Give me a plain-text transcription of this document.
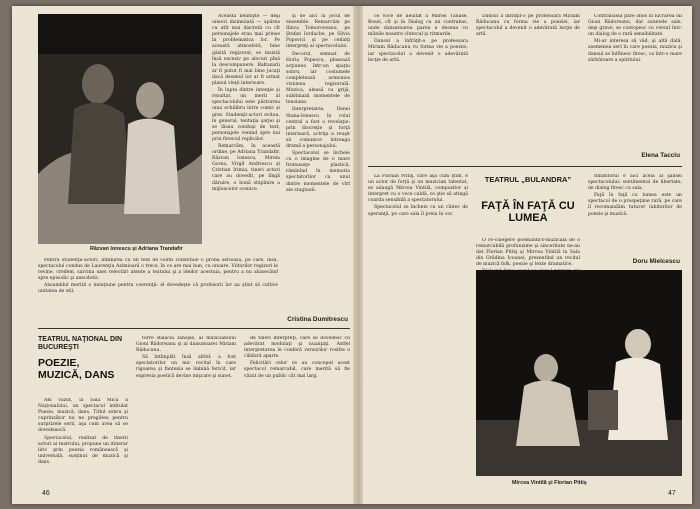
Răzvan Ionescu şi Adriana Trandafir

Aceastã nelinişte — deşi uneori disimulată — apărea cu atît mai discretă cu cît personajele erau mai prinse în problematica lor. Pe această atmosferă, bine găsită regizoral, se insistă însă excesiv pe alocuri pînă la descompunere. Baltazarii ar fi putut fi mai bine jucaţi dacă desenul lor ar fi urmat planul vieţii interioare.

În lupta dintre intenţie şi rezultat, un merit al spectacolului este păstrarea unui echilibru între comic şi grav. Studenţii-actori evitau, în general, tentaţia şarjei şi se lăsau conduşi de text, personajele venind spre noi prin firescul replicilor.

Remarcăm, în această ordine, pe Adriana Trandafir, Răzvan Ionescu, Mirela Gorea, Virgil Andriescu şi Cristian Irimia, tineri actori care au dovedit, pe lîngă dăruire, o bună stăpînire a mijloacelor scenice.

şi de aici la jocul de ensemble. Remarcăm pe Ilinca Tomoroveanu, pe Ştefan Iordache, pe Silvia Popovici şi pe ceilalţi interpreţi ai spectacolului.

Decorul, semnat de Horia Popescu, plasează acţiunea într-un spaţiu sobru, iar costumele completează armonios viziunea regizorală. Muzica, aleasă cu grijă, subliniază momentele de tensiune.

Interpretarea Ilenei Stana-Ionescu în rolul central a fost o revelaţie: prin discreţie şi forţă interioară, actriţa a reuşit să comunice întreaga dramă a personajului.

Spectacolul se încheie cu o imagine de o mare frumuseţe plastică, rămînînd în memoria spectatorilor ca unul dintre momentele de vîrf ale stagiunii.

Pentru studenţii-actori, întîlnirea cu un text de Gorki constituie o probă serioasă, pe care, însă, spectacolul condus de Laurenţiu Azimioară o trece, în ce are mai bun, cu onoare. Viitorilor regizori le revine, credem, sarcina unei relectări atente a textului şi a ideilor acestuia, pentru a nu alunecând spre episodic şi anecdotic.

Ansamblul merită o menţiune pentru coerenţă: el dovedeşte că profesorii lor au ştiut să cultive unitatea de stil.

Cristina Dumitrescu
TEATRUL NAŢIONAL DIN BUCUREŞTI
POEZIE, MUZICĂ, DANS

Am văzut, la Sala Mică a Naţionalului, un spectacol intitulat Poezie, muzică, dans. Titlul sobru şi cuprinzător nu ne pregătea pentru surprizele serii, aşa cum avea să se dovedească.

Spectacolul, realizat de tinerii actori ai teatrului, propune un itinerar liric prin poezia românească şi universală, susţinut de muzică şi dans.

torre Balacia Ianoşie, al muzicianului Gioni Rădoreanu şi al dansatoarei Miriam Răducanu.

Să întîmplăt însă altfel: a fost spectatorilor un mic recital în care rigoarea şi fantezia se îmbină fericit, iar expresia poetică devine mişcare şi sunet.

de tineri interpreţi, care se dovedesc cu adevărat modulaţi şi nuanţaţi. Astfel interpretarea le conferă versurilor rostite o căldură aparte.

Felicitări celor ce au conceput acest spectacol remarcabil, care merită să fie văzut de un public cât mai larg.

46

ce voce de neuitat a Mariei Tănase, Boezi, cît şi în Dialog cu un contrabas, unde dansatoarea parea a desena cu mîinile noastre cîntecul şi ritmurile.

Dansul a înfrăţit-o pe profesoara Miriam Răducanu cu forma vie a poeziei, iar spectacolul a devenit o adevărată lecţie de artă.

Dansul a înfrăţit-o pe profesoara Miriam Răducanu cu forma vie a poeziei, iar spectacolul a devenit o adevărată lecţie de artă.

Contrabasul pare sfios în lucrarea lui Gioni Rădoreanu, dar sunetele sale, deşi grave, se contopesc cu versul într-un dialog de o rară sensibilitate.

Mi-ar interesa să văd, şi altă dată, asemenea seri în care poezia, muzica şi dansul se întîlnesc firesc, ca într-o mare sărbătoare a spiritului.

Elena Tacciu
TEATRUL „BULANDRA”
FAŢĂ ÎN FAŢĂ CU LUMEA

La Florian Pittiş, care aşa cum ştim, e un actor de forţă şi un muzician talentat, se adaugă Mircea Vintilă, compozitor şi interpret cu o voce caldă, ce ştie să atingă coarda sensibilă a spectatorului.

Spectacolul se încheie cu un cîntec de speranţă, pe care sala îl preia în cor.

O re-culegere poemantico-muzicală de o remarcabilă profunzime şi sinceritate ne-au dat Florian Pittiş şi Mircea Vintilă la Sala din Grădina Icoanei, prezentînd un recital de muzică folk, poezie şi texte dramatice.

Inhibitorul e aici acela al şansei spectacolului: sentimentul de libertate, de dialog firesc cu sala.

Faţă în faţă cu lumea este un spectacol de o prospeţime rară, pe care îl recomandăm tuturor iubitorilor de poezie şi muzică.

Doru Mielcescu
Mircea Vintilă şi Florian Pittiş
47
